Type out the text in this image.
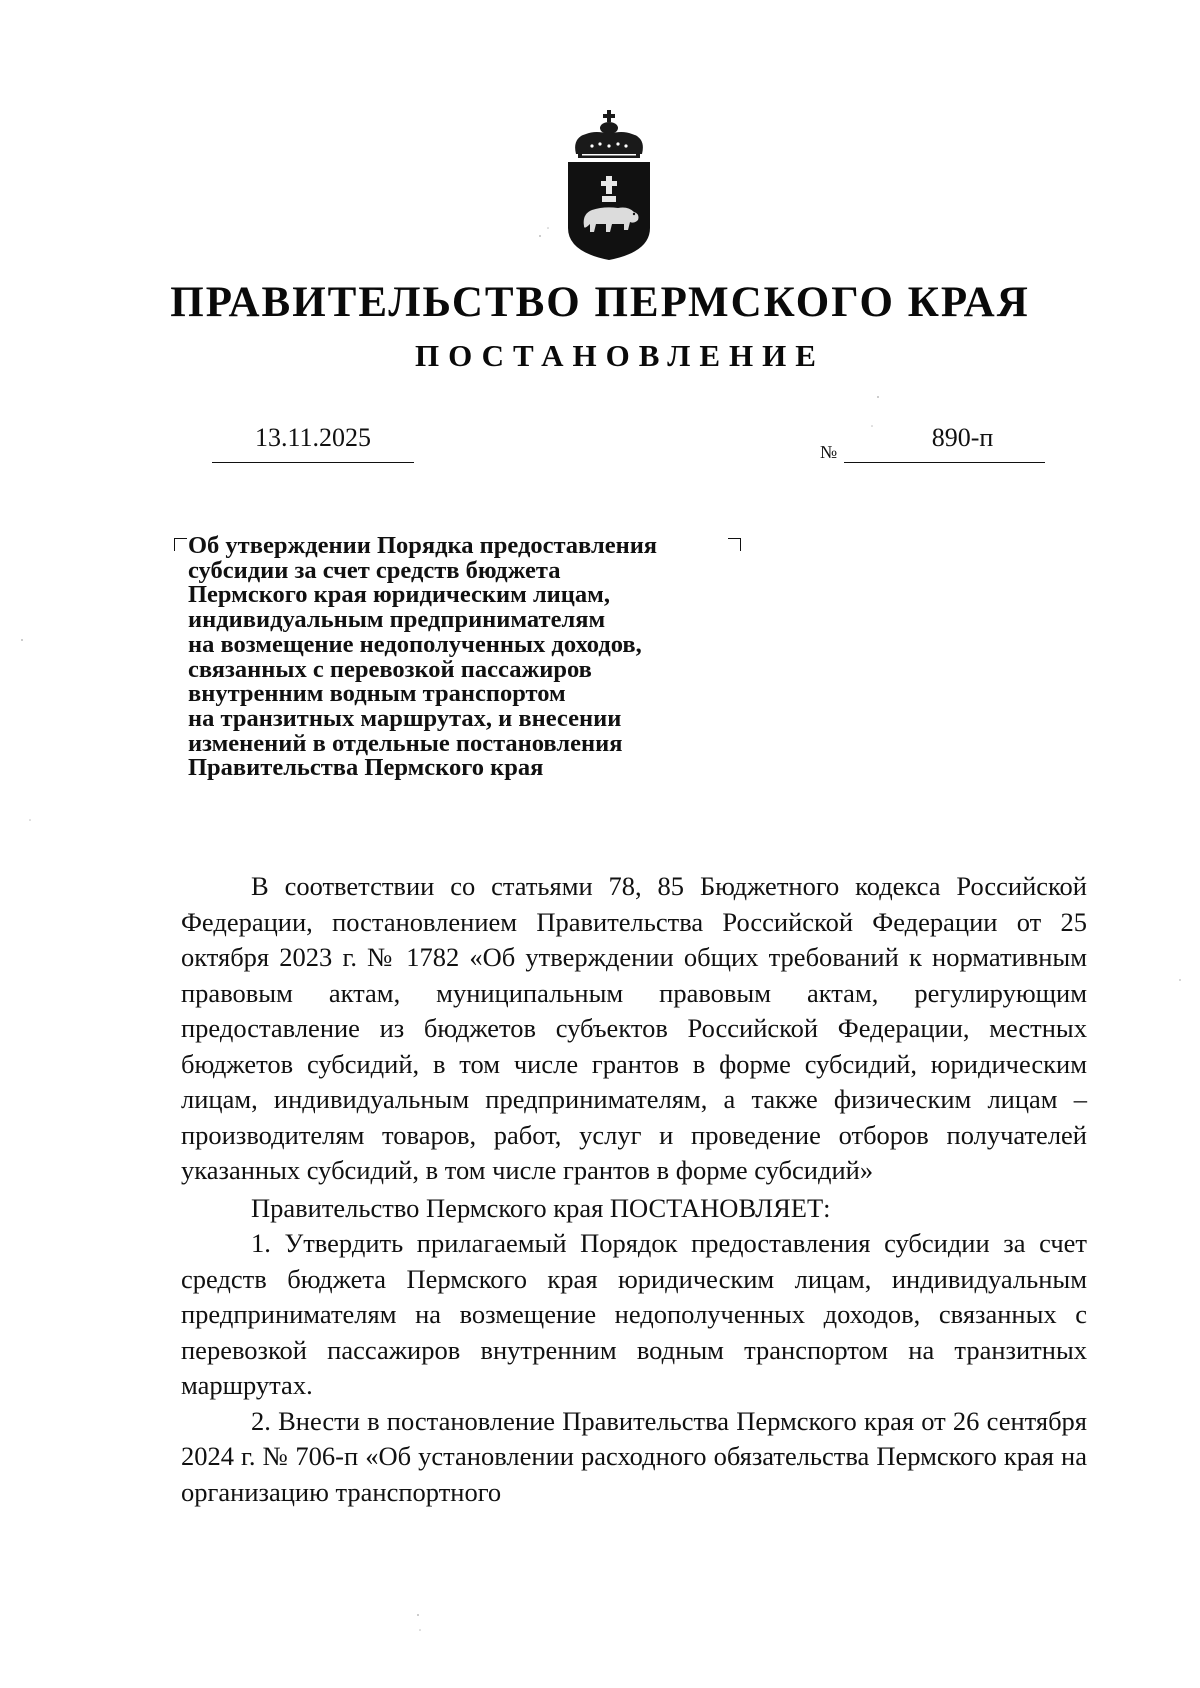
ПРАВИТЕЛЬСТВО ПЕРМСКОГО КРАЯ
ПОСТАНОВЛЕНИЕ
13.11.2025	№	890-п
Об утверждении Порядка предоставления
субсидии за счет средств бюджета
Пермского края юридическим лицам,
индивидуальным предпринимателям
на возмещение недополученных доходов,
связанных с перевозкой пассажиров
внутренним водным транспортом
на транзитных маршрутах, и внесении
изменений в отдельные постановления
Правительства Пермского края

В соответствии со статьями 78, 85 Бюджетного кодекса Российской Федерации, постановлением Правительства Российской Федерации от 25 октября 2023 г. № 1782 «Об утверждении общих требований к нормативным правовым актам, муниципальным правовым актам, регулирующим предоставление из бюджетов субъектов Российской Федерации, местных бюджетов субсидий, в том числе грантов в форме субсидий, юридическим лицам, индивидуальным предпринимателям, а также физическим лицам – производителям товаров, работ, услуг и проведение отборов получателей указанных субсидий, в том числе грантов в форме субсидий»

Правительство Пермского края ПОСТАНОВЛЯЕТ:

1. Утвердить прилагаемый Порядок предоставления субсидии за счет средств бюджета Пермского края юридическим лицам, индивидуальным предпринимателям на возмещение недополученных доходов, связанных с перевозкой пассажиров внутренним водным транспортом на транзитных маршрутах.

2. Внести в постановление Правительства Пермского края от 26 сентября 2024 г. № 706-п «Об установлении расходного обязательства Пермского края на организацию транспортного
